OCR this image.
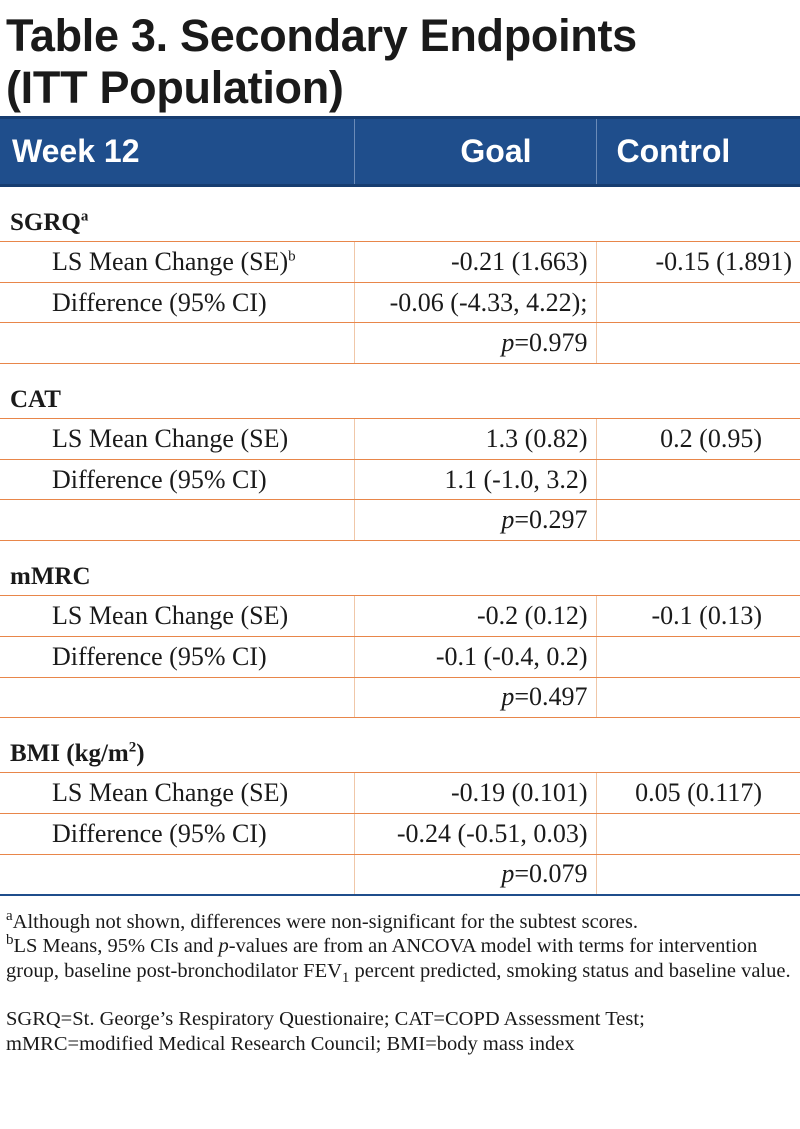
Table 3. Secondary Endpoints
(ITT Population)
Week 12	Goal	Control
SGRQ$^a$
LS Mean Change (SE)$^b$	-0.21 (1.663)	-0.15 (1.891)
Difference (95% CI)	-0.06 (-4.33, 4.22);	
	p=0.979	
CAT		
LS Mean Change (SE)	1.3 (0.82)	0.2 (0.95)
Difference (95% CI)	1.1 (-1.0, 3.2)	
	p=0.297	
mMRC		
LS Mean Change (SE)	-0.2 (0.12)	-0.1 (0.13)
Difference (95% CI)	-0.1 (-0.4, 0.2)	
	p=0.497	
BMI $(kg/m^2)$		
LS Mean Change (SE)	-0.19 (0.101)	0.05 (0.117)
Difference (95% CI)	-0.24 (-0.51, 0.03)	
	p=0.079	

$^a$Although not shown, differences were non-significant for the subtest scores.

$^b$LS Means, 95% CIs and p-values are from an ANCOVA model with terms for intervention group, baseline post-bronchodilator $FEV_1$ percent predicted, smoking status and baseline value.

SGRQ=St. George’s Respiratory Questionaire; CAT=COPD Assessment Test; mMRC=modified Medical Research Council; BMI=body mass index
